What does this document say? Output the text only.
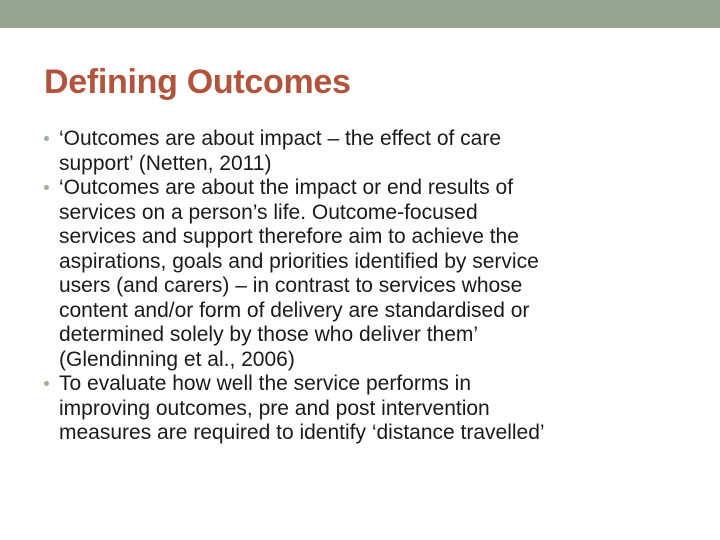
Defining Outcomes
‘Outcomes are about impact – the effect of care
support’ (Netten, 2011)
‘Outcomes are about the impact or end results of
services on a person’s life. Outcome-focused
services and support therefore aim to achieve the
aspirations, goals and priorities identified by service
users (and carers) – in contrast to services whose
content and/or form of delivery are standardised or
determined solely by those who deliver them’
(Glendinning et al., 2006)
To evaluate how well the service performs in
improving outcomes, pre and post intervention
measures are required to identify ‘distance travelled’
